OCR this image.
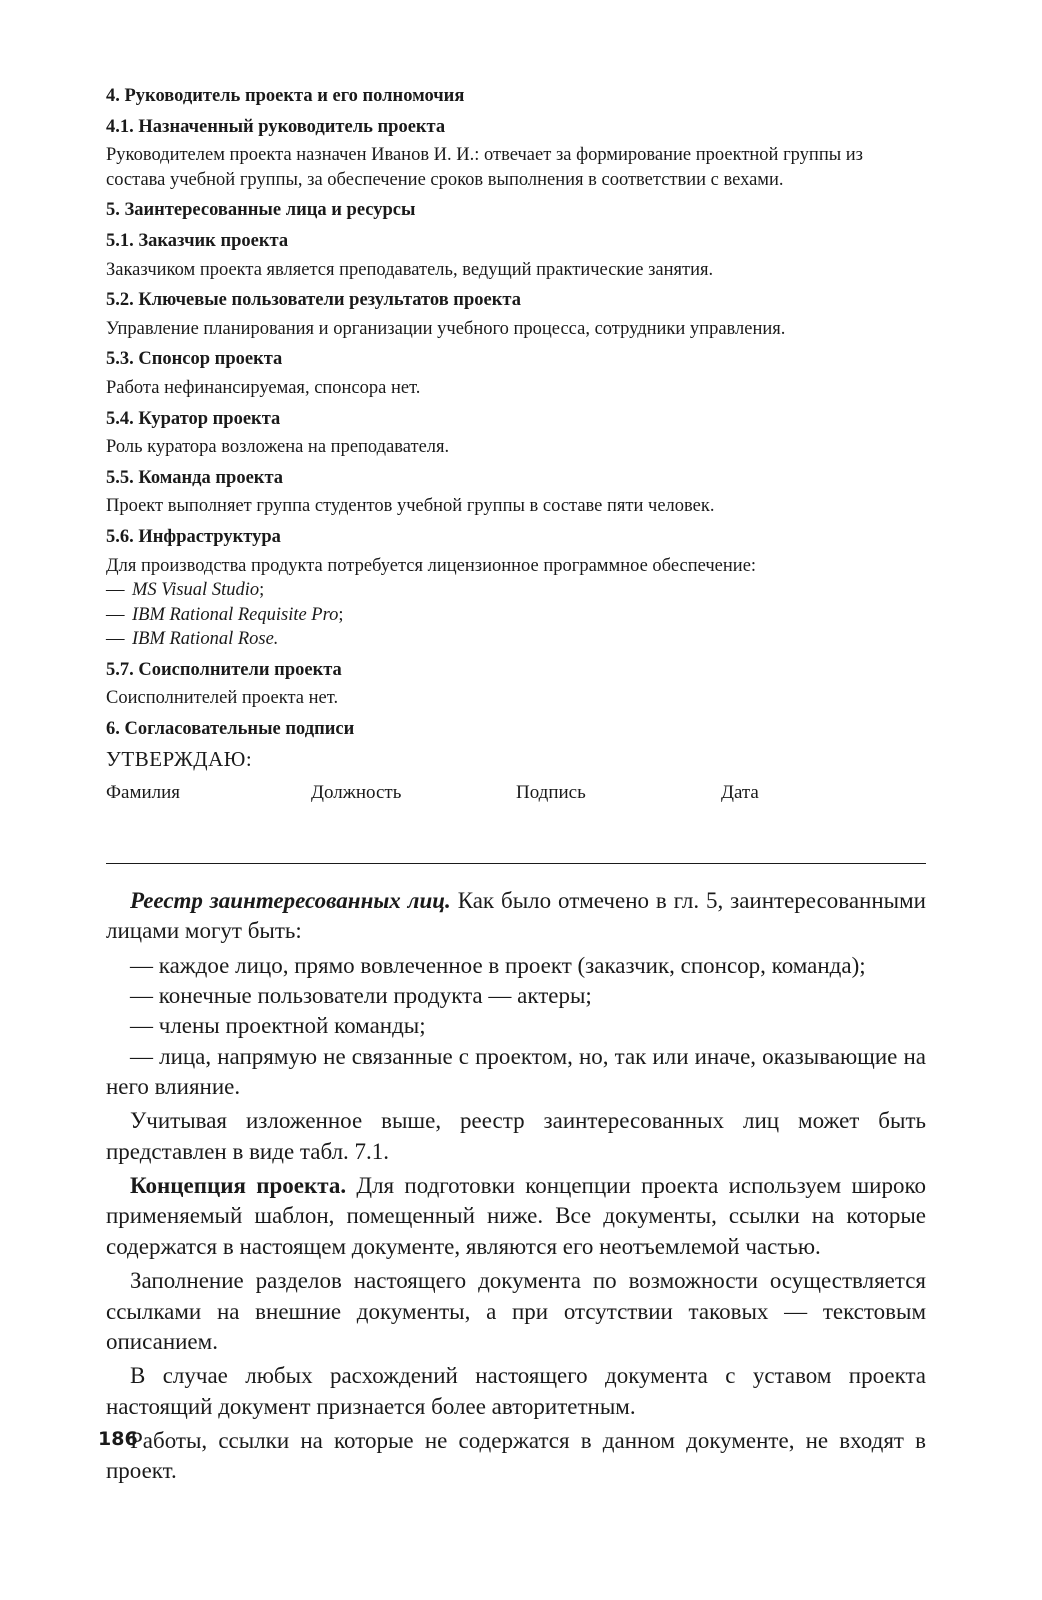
4. Руководитель проекта и его полномочия
4.1. Назначенный руководитель проекта
Руководителем проекта назначен Иванов И. И.: отвечает за формирование проектной группы из состава учебной группы, за обеспечение сроков выполнения в соответствии с вехами.
5. Заинтересованные лица и ресурсы
5.1. Заказчик проекта
Заказчиком проекта является преподаватель, ведущий практические занятия.
5.2. Ключевые пользователи результатов проекта
Управление планирования и организации учебного процесса, сотрудники управления.
5.3. Спонсор проекта
Работа нефинансируемая, спонсора нет.
5.4. Куратор проекта
Роль куратора возложена на преподавателя.
5.5. Команда проекта
Проект выполняет группа студентов учебной группы в составе пяти человек.
5.6. Инфраструктура
Для производства продукта потребуется лицензионное программное обеспечение:
— MS Visual Studio;
— IBM Rational Requisite Pro;
— IBM Rational Rose.
5.7. Соисполнители проекта
Соисполнителей проекта нет.
6. Согласовательные подписи
УТВЕРЖДАЮ:
Фамилия	Должность	Подпись	Дата
Реестр заинтересованных лиц. Как было отмечено в гл. 5, заинтересованными лицами могут быть:
— каждое лицо, прямо вовлеченное в проект (заказчик, спонсор, команда);
— конечные пользователи продукта — актеры;
— члены проектной команды;
— лица, напрямую не связанные с проектом, но, так или иначе, оказывающие на него влияние.
Учитывая изложенное выше, реестр заинтересованных лиц может быть представлен в виде табл. 7.1.
Концепция проекта. Для подготовки концепции проекта используем широко применяемый шаблон, помещенный ниже. Все документы, ссылки на которые содержатся в настоящем документе, являются его неотъемлемой частью.
Заполнение разделов настоящего документа по возможности осуществляется ссылками на внешние документы, а при отсутствии таковых — текстовым описанием.
В случае любых расхождений настоящего документа с уставом проекта настоящий документ признается более авторитетным.
Работы, ссылки на которые не содержатся в данном документе, не входят в проект.
186
